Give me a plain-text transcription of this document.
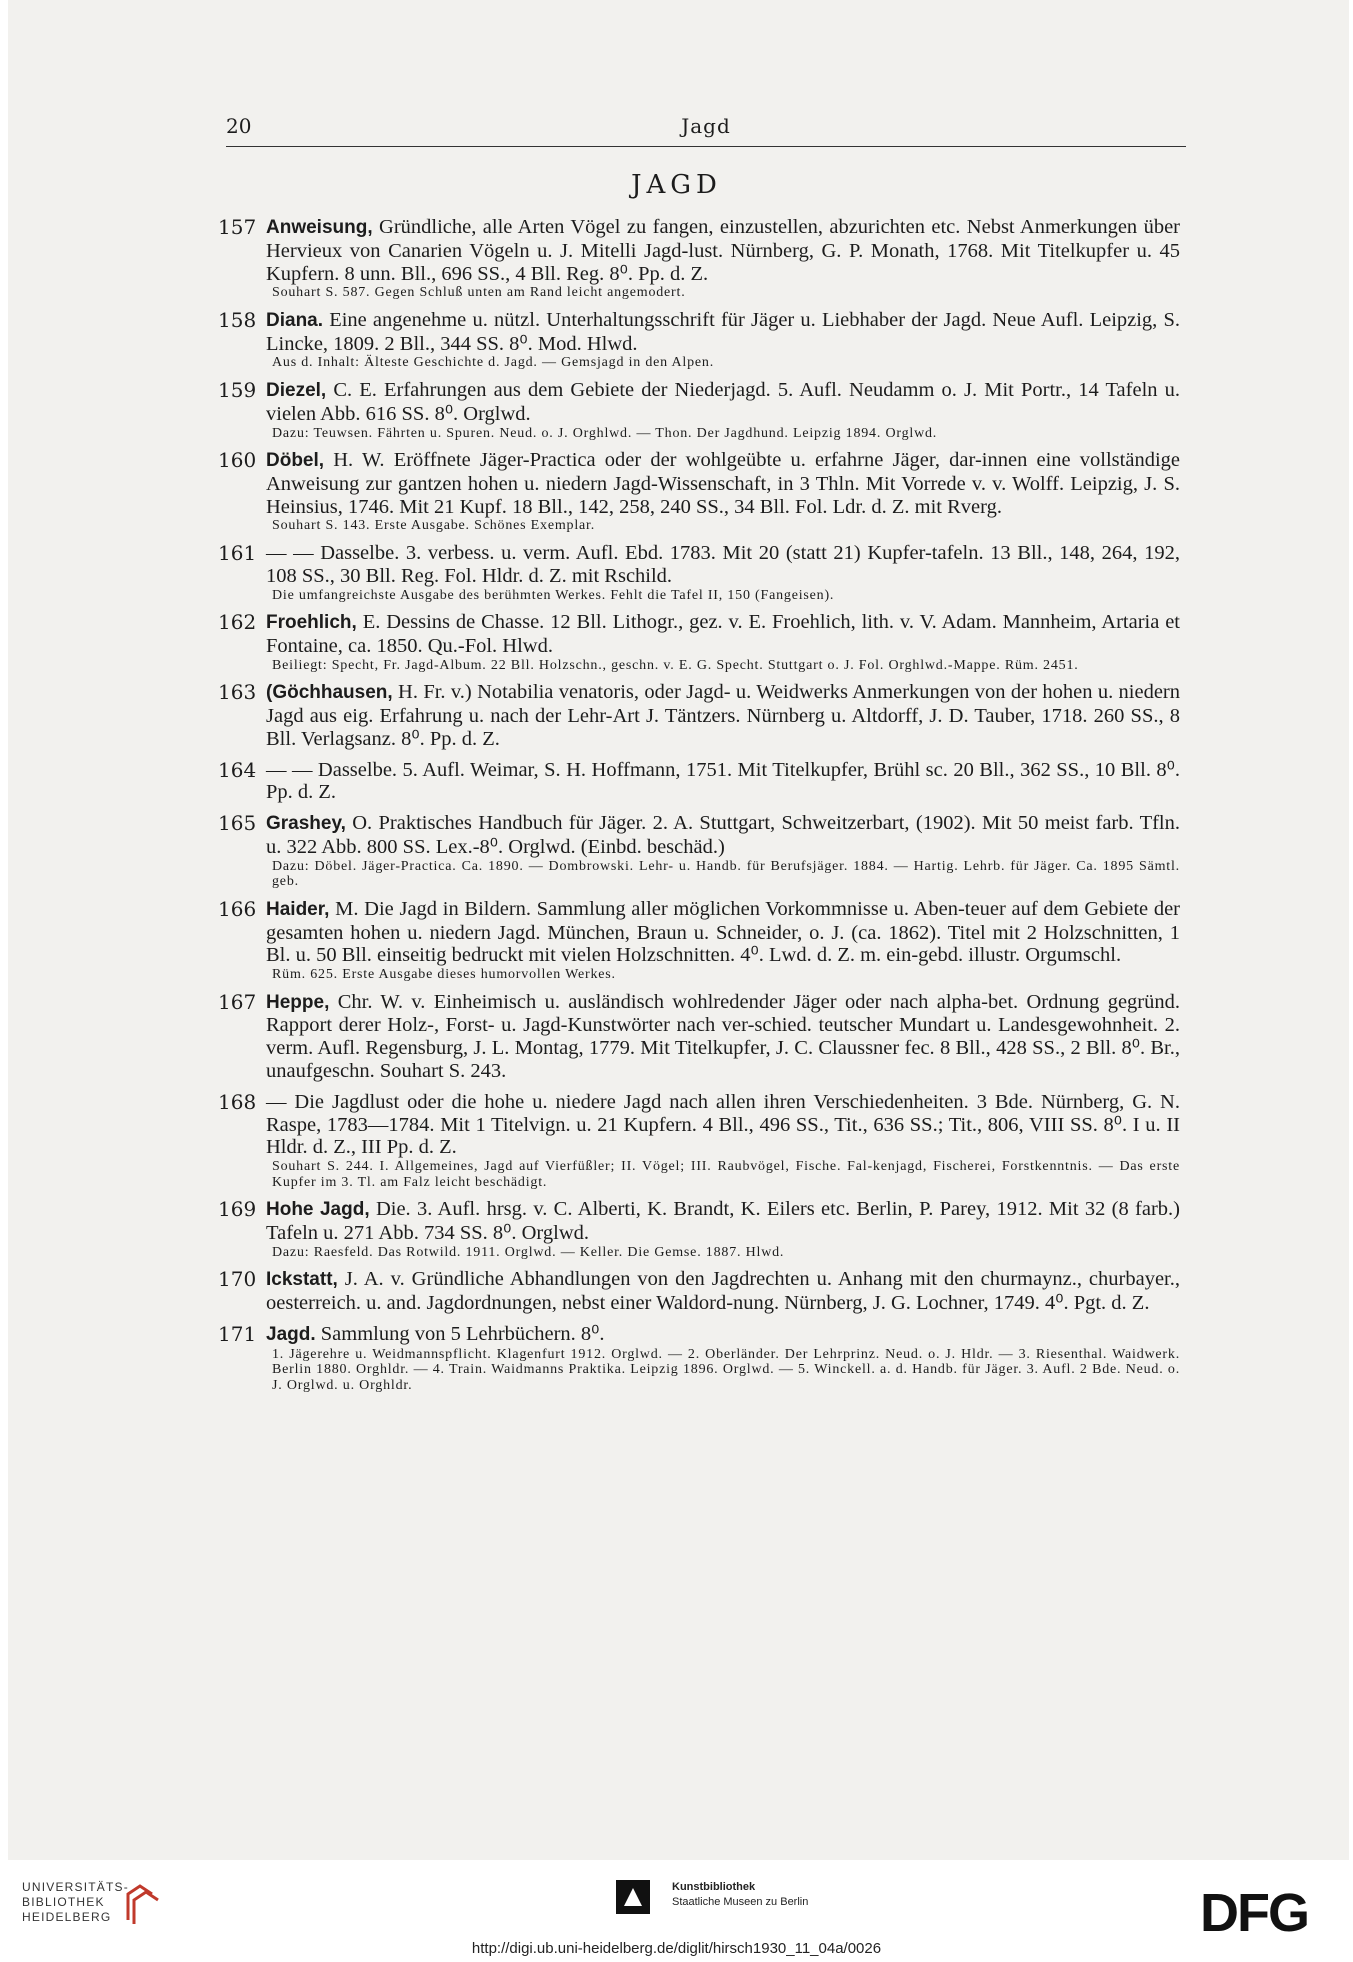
20	Jagd
JAGD
157 Anweisung, Gründliche, alle Arten Vögel zu fangen, einzustellen, abzurichten etc. Nebst Anmerkungen über Hervieux von Canarien Vögeln u. J. Mitelli Jagd-lust. Nürnberg, G. P. Monath, 1768. Mit Titelkupfer u. 45 Kupfern. 8 unn. Bll., 696 SS., 4 Bll. Reg. 8⁰. Pp. d. Z.
Souhart S. 587. Gegen Schluß unten am Rand leicht angemodert.
158 Diana. Eine angenehme u. nützl. Unterhaltungsschrift für Jäger u. Liebhaber der Jagd. Neue Aufl. Leipzig, S. Lincke, 1809. 2 Bll., 344 SS. 8⁰. Mod. Hlwd.
Aus d. Inhalt: Älteste Geschichte d. Jagd. — Gemsjagd in den Alpen.
159 Diezel, C. E. Erfahrungen aus dem Gebiete der Niederjagd. 5. Aufl. Neudamm o. J. Mit Portr., 14 Tafeln u. vielen Abb. 616 SS. 8⁰. Orglwd.
Dazu: Teuwsen. Fährten u. Spuren. Neud. o. J. Orghlwd. — Thon. Der Jagdhund. Leipzig 1894. Orglwd.
160 Döbel, H. W. Eröffnete Jäger-Practica oder der wohlgeübte u. erfahrne Jäger, dar-innen eine vollständige Anweisung zur gantzen hohen u. niedern Jagd-Wissenschaft, in 3 Thln. Mit Vorrede v. v. Wolff. Leipzig, J. S. Heinsius, 1746. Mit 21 Kupf. 18 Bll., 142, 258, 240 SS., 34 Bll. Fol. Ldr. d. Z. mit Rverg.
Souhart S. 143. Erste Ausgabe. Schönes Exemplar.
161 — — Dasselbe. 3. verbess. u. verm. Aufl. Ebd. 1783. Mit 20 (statt 21) Kupfer-tafeln. 13 Bll., 148, 264, 192, 108 SS., 30 Bll. Reg. Fol. Hldr. d. Z. mit Rschild.
Die umfangreichste Ausgabe des berühmten Werkes. Fehlt die Tafel II, 150 (Fangeisen).
162 Froehlich, E. Dessins de Chasse. 12 Bll. Lithogr., gez. v. E. Froehlich, lith. v. V. Adam. Mannheim, Artaria et Fontaine, ca. 1850. Qu.-Fol. Hlwd.
Beiliegt: Specht, Fr. Jagd-Album. 22 Bll. Holzschn., geschn. v. E. G. Specht. Stuttgart o. J. Fol. Orghlwd.-Mappe. Rüm. 2451.
163 (Göchhausen, H. Fr. v.) Notabilia venatoris, oder Jagd- u. Weidwerks Anmerkungen von der hohen u. niedern Jagd aus eig. Erfahrung u. nach der Lehr-Art J. Täntzers. Nürnberg u. Altdorff, J. D. Tauber, 1718. 260 SS., 8 Bll. Verlagsanz. 8⁰. Pp. d. Z.
164 — — Dasselbe. 5. Aufl. Weimar, S. H. Hoffmann, 1751. Mit Titelkupfer, Brühl sc. 20 Bll., 362 SS., 10 Bll. 8⁰. Pp. d. Z.
165 Grashey, O. Praktisches Handbuch für Jäger. 2. A. Stuttgart, Schweitzerbart, (1902). Mit 50 meist farb. Tfln. u. 322 Abb. 800 SS. Lex.-8⁰. Orglwd. (Einbd. beschäd.)
Dazu: Döbel. Jäger-Practica. Ca. 1890. — Dombrowski. Lehr- u. Handb. für Berufsjäger. 1884. — Hartig. Lehrb. für Jäger. Ca. 1895 Sämtl. geb.
166 Haider, M. Die Jagd in Bildern. Sammlung aller möglichen Vorkommnisse u. Aben-teuer auf dem Gebiete der gesamten hohen u. niedern Jagd. München, Braun u. Schneider, o. J. (ca. 1862). Titel mit 2 Holzschnitten, 1 Bl. u. 50 Bll. einseitig bedruckt mit vielen Holzschnitten. 4⁰. Lwd. d. Z. m. ein-gebd. illustr. Orgumschl.
Rüm. 625. Erste Ausgabe dieses humorvollen Werkes.
167 Heppe, Chr. W. v. Einheimisch u. ausländisch wohlredender Jäger oder nach alpha-bet. Ordnung gegründ. Rapport derer Holz-, Forst- u. Jagd-Kunstwörter nach ver-schied. teutscher Mundart u. Landesgewohnheit. 2. verm. Aufl. Regensburg, J. L. Montag, 1779. Mit Titelkupfer, J. C. Claussner fec. 8 Bll., 428 SS., 2 Bll. 8⁰. Br., unaufgeschn. Souhart S. 243.
168 — Die Jagdlust oder die hohe u. niedere Jagd nach allen ihren Verschiedenheiten. 3 Bde. Nürnberg, G. N. Raspe, 1783—1784. Mit 1 Titelvign. u. 21 Kupfern. 4 Bll., 496 SS., Tit., 636 SS.; Tit., 806, VIII SS. 8⁰. I u. II Hldr. d. Z., III Pp. d. Z.
Souhart S. 244. I. Allgemeines, Jagd auf Vierfüßler; II. Vögel; III. Raubvögel, Fische. Fal-kenjagd, Fischerei, Forstkenntnis. — Das erste Kupfer im 3. Tl. am Falz leicht beschädigt.
169 Hohe Jagd, Die. 3. Aufl. hrsg. v. C. Alberti, K. Brandt, K. Eilers etc. Berlin, P. Parey, 1912. Mit 32 (8 farb.) Tafeln u. 271 Abb. 734 SS. 8⁰. Orglwd.
Dazu: Raesfeld. Das Rotwild. 1911. Orglwd. — Keller. Die Gemse. 1887. Hlwd.
170 Ickstatt, J. A. v. Gründliche Abhandlungen von den Jagdrechten u. Anhang mit den churmaynz., churbayer., oesterreich. u. and. Jagdordnungen, nebst einer Waldord-nung. Nürnberg, J. G. Lochner, 1749. 4⁰. Pgt. d. Z.
171 Jagd. Sammlung von 5 Lehrbüchern. 8⁰.
1. Jägerehre u. Weidmannspflicht. Klagenfurt 1912. Orglwd. — 2. Oberländer. Der Lehrprinz. Neud. o. J. Hldr. — 3. Riesenthal. Waidwerk. Berlin 1880. Orghldr. — 4. Train. Waidmanns Praktika. Leipzig 1896. Orglwd. — 5. Winckell. a. d. Handb. für Jäger. 3. Aufl. 2 Bde. Neud. o. J. Orglwd. u. Orghldr.
UNIVERSITÄTS-
BIBLIOTHEK
HEIDELBERG
Kunstbibliothek
Staatliche Museen zu Berlin	DFG
http://digi.ub.uni-heidelberg.de/diglit/hirsch1930_11_04a/0026
